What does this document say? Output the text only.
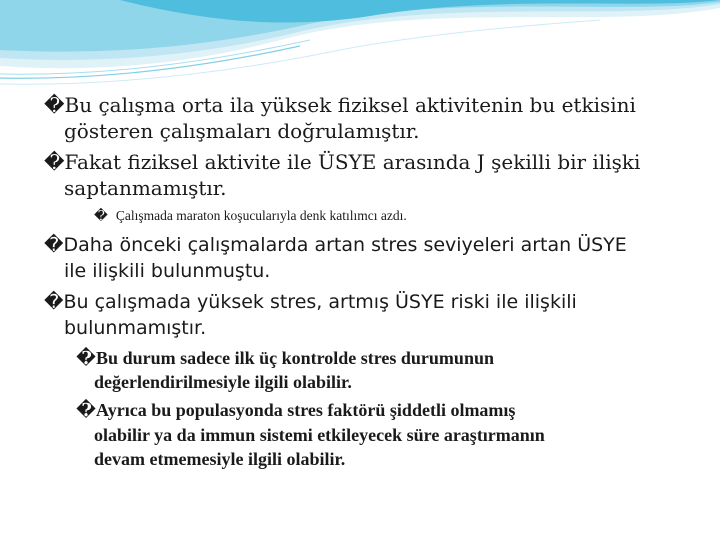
�Bu çalışma orta ila yüksek fiziksel aktivitenin bu etkisini
gösteren çalışmaları doğrulamıştır.
�Fakat fiziksel aktivite ile ÜSYE arasında J şekilli bir ilişki
saptanmamıştır.
� Çalışmada maraton koşucularıyla denk katılımcı azdı.
�Daha önceki çalışmalarda artan stres seviyeleri artan ÜSYE
ile ilişkili bulunmuştu.
�Bu çalışmada yüksek stres, artmış ÜSYE riski ile ilişkili
bulunmamıştır.
�Bu durum sadece ilk üç kontrolde stres durumunun
değerlendirilmesiyle ilgili olabilir.
�Ayrıca bu populasyonda stres faktörü şiddetli olmamış
olabilir ya da immun sistemi etkileyecek süre araştırmanın
devam etmemesiyle ilgili olabilir.
